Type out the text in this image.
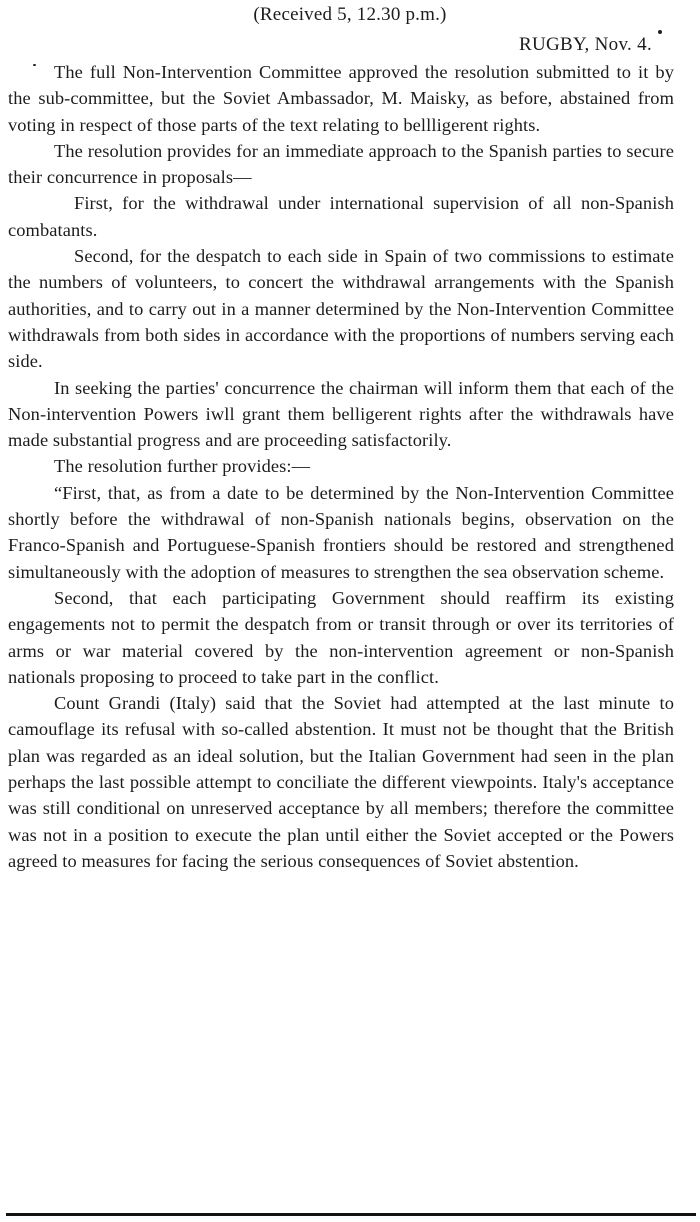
(Received 5, 12.30 p.m.)
RUGBY, Nov. 4.

The full Non-Intervention Committee approved the resolution submitted to it by the sub-committee, but the Soviet Ambassador, M. Maisky, as before, abstained from voting in respect of those parts of the text relating to bellligerent rights.

The resolution provides for an immediate approach to the Spanish parties to secure their concurrence in proposals—

First, for the withdrawal under international supervision of all non-Spanish combatants.

Second, for the despatch to each side in Spain of two commissions to estimate the numbers of volunteers, to concert the withdrawal arrangements with the Spanish authorities, and to carry out in a manner determined by the Non-Intervention Committee withdrawals from both sides in accordance with the proportions of numbers serving each side.

In seeking the parties' concurrence the chairman will inform them that each of the Non-intervention Powers iwll grant them belligerent rights after the withdrawals have made substantial progress and are proceeding satisfactorily.

The resolution further provides:—

“First, that, as from a date to be determined by the Non-Intervention Committee shortly before the withdrawal of non-Spanish nationals begins, observation on the Franco-Spanish and Portuguese-Spanish frontiers should be restored and strengthened simultaneously with the adoption of measures to strengthen the sea observation scheme.

Second, that each participating Government should reaffirm its existing engagements not to permit the despatch from or transit through or over its territories of arms or war material covered by the non-intervention agreement or non-Spanish nationals proposing to proceed to take part in the conflict.

Count Grandi (Italy) said that the Soviet had attempted at the last minute to camouflage its refusal with so-called abstention. It must not be thought that the British plan was regarded as an ideal solution, but the Italian Government had seen in the plan perhaps the last possible attempt to conciliate the different viewpoints. Italy's acceptance was still conditional on unreserved acceptance by all members; therefore the committee was not in a position to execute the plan until either the Soviet accepted or the Powers agreed to measures for facing the serious consequences of Soviet abstention.
